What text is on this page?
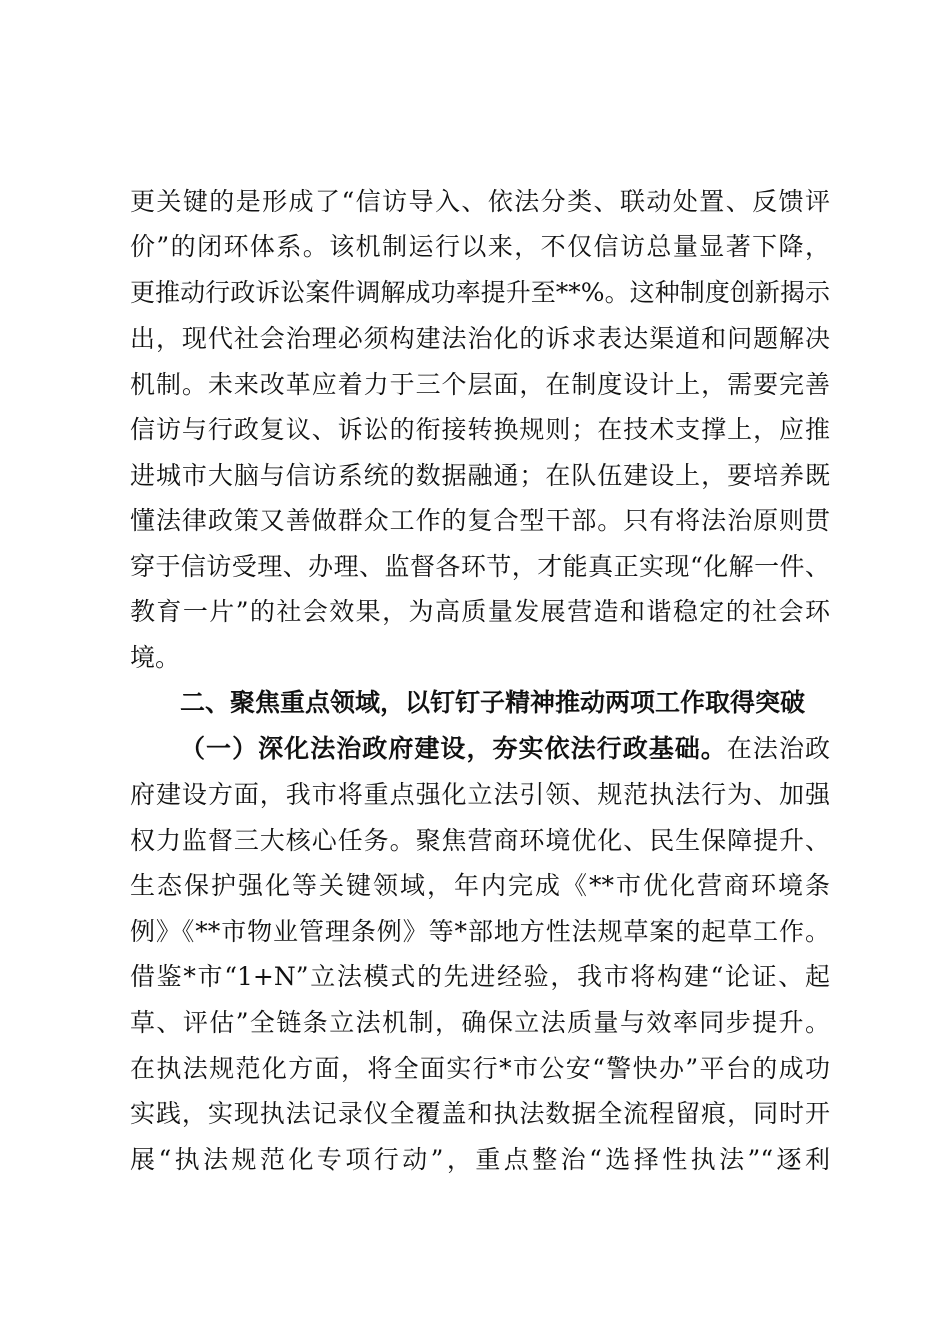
更关键的是形成了“信访导入、依法分类、联动处置、反馈评
价”的闭环体系。该机制运行以来，不仅信访总量显著下降，
更推动行政诉讼案件调解成功率提升至**%。这种制度创新揭示
出，现代社会治理必须构建法治化的诉求表达渠道和问题解决
机制。未来改革应着力于三个层面，在制度设计上，需要完善
信访与行政复议、诉讼的衔接转换规则；在技术支撑上，应推
进城市大脑与信访系统的数据融通；在队伍建设上，要培养既
懂法律政策又善做群众工作的复合型干部。只有将法治原则贯
穿于信访受理、办理、监督各环节，才能真正实现“化解一件、
教育一片”的社会效果，为高质量发展营造和谐稳定的社会环
境。
二、聚焦重点领域，以钉钉子精神推动两项工作取得突破
（一）深化法治政府建设，夯实依法行政基础。在法治政
府建设方面，我市将重点强化立法引领、规范执法行为、加强
权力监督三大核心任务。聚焦营商环境优化、民生保障提升、
生态保护强化等关键领域，年内完成《**市优化营商环境条
例》《**市物业管理条例》等*部地方性法规草案的起草工作。
借鉴*市“1+N”立法模式的先进经验，我市将构建“论证、起
草、评估”全链条立法机制，确保立法质量与效率同步提升。
在执法规范化方面，将全面实行*市公安“警快办”平台的成功
实践，实现执法记录仪全覆盖和执法数据全流程留痕，同时开
展“执法规范化专项行动”，重点整治“选择性执法”“逐利
